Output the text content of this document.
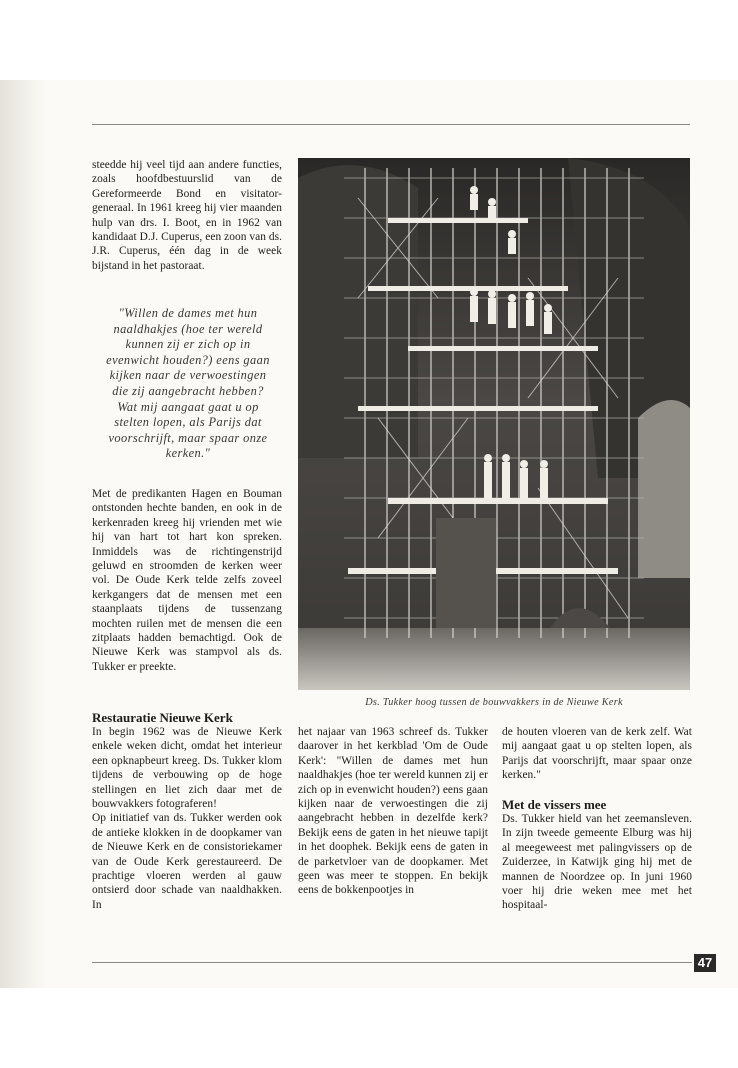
steedde hij veel tijd aan andere functies, zoals hoofdbestuurslid van de Gereformeerde Bond en visitator-generaal. In 1961 kreeg hij vier maanden hulp van drs. I. Boot, en in 1962 van kandidaat D.J. Cuperus, een zoon van ds. J.R. Cuperus, één dag in de week bijstand in het pastoraat.

"Willen de dames met hun naaldhakjes (hoe ter wereld kunnen zij er zich op in evenwicht houden?) eens gaan kijken naar de verwoestingen die zij aangebracht hebben? Wat mij aangaat gaat u op stelten lopen, als Parijs dat voorschrijft, maar spaar onze kerken."

Met de predikanten Hagen en Bouman ontstonden hechte banden, en ook in de kerkenraden kreeg hij vrienden met wie hij van hart tot hart kon spreken. Inmiddels was de richtingenstrijd geluwd en stroomden de kerken weer vol. De Oude Kerk telde zelfs zoveel kerkgangers dat de mensen met een staanplaats tijdens de tussenzang mochten ruilen met de mensen die een zitplaats hadden bemachtigd. Ook de Nieuwe Kerk was stampvol als ds. Tukker er preekte.

Restauratie Nieuwe Kerk

In begin 1962 was de Nieuwe Kerk enkele weken dicht, omdat het interieur een opknapbeurt kreeg. Ds. Tukker klom tijdens de verbouwing op de hoge stellingen en liet zich daar met de bouwvakkers fotograferen!

Op initiatief van ds. Tukker werden ook de antieke klokken in de doopkamer van de Nieuwe Kerk en de consistoriekamer van de Oude Kerk gerestaureerd. De prachtige vloeren werden al gauw ontsierd door schade van naaldhakken. In

het najaar van 1963 schreef ds. Tukker daarover in het kerkblad 'Om de Oude Kerk': "Willen de dames met hun naaldhakjes (hoe ter wereld kunnen zij er zich op in evenwicht houden?) eens gaan kijken naar de verwoestingen die zij aangebracht hebben in dezelfde kerk? Bekijk eens de gaten in het nieuwe tapijt in het doophek. Bekijk eens de gaten in de parketvloer van de doopkamer. Met geen was meer te stoppen. En bekijk eens de bokkenpootjes in

de houten vloeren van de kerk zelf. Wat mij aangaat gaat u op stelten lopen, als Parijs dat voorschrijft, maar spaar onze kerken."

Met de vissers mee

Ds. Tukker hield van het zeemansleven. In zijn tweede gemeente Elburg was hij al meegeweest met palingvissers op de Zuiderzee, in Katwijk ging hij met de mannen de Noordzee op. In juni 1960 voer hij drie weken mee met het hospitaal-

Ds. Tukker hoog tussen de bouwvakkers in de Nieuwe Kerk
47
